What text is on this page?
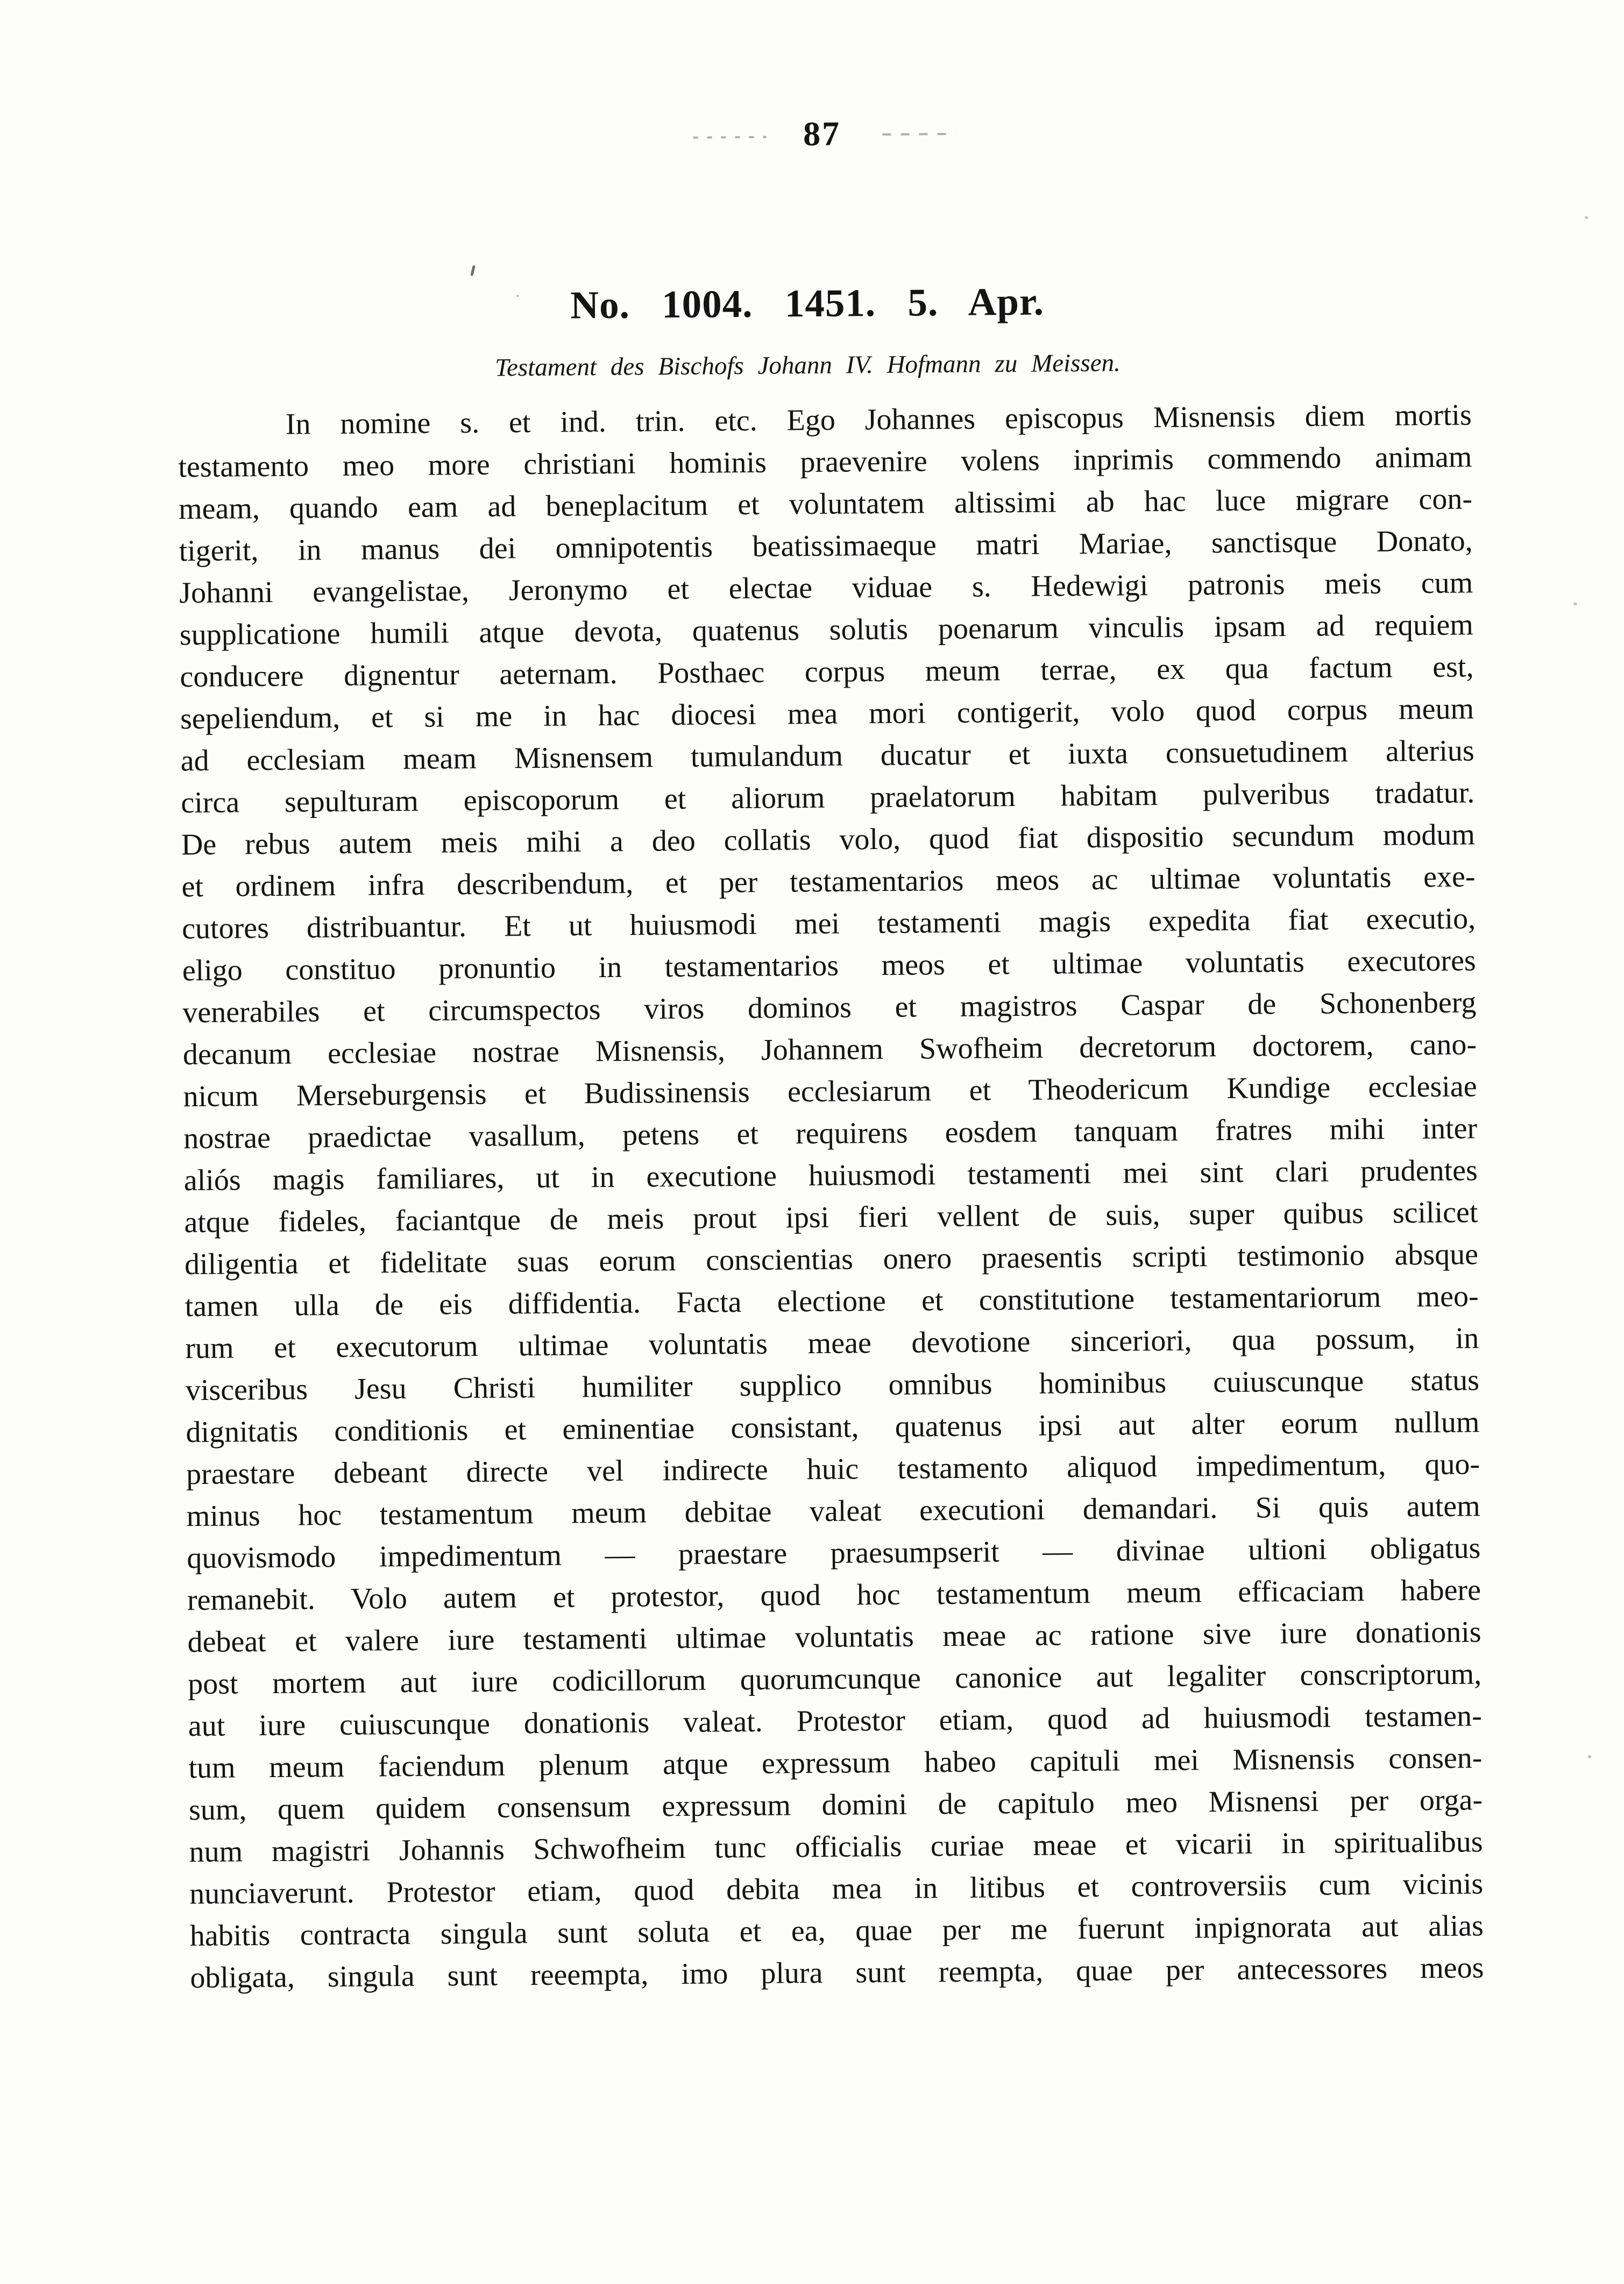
87
No. 1004. 1451. 5. Apr.
Testament des Bischofs Johann IV. Hofmann zu Meissen.
In nomine s. et ind. trin. etc. Ego Johannes episcopus Misnensis diem mortis
testamento meo more christiani hominis praevenire volens inprimis commendo animam
meam, quando eam ad beneplacitum et voluntatem altissimi ab hac luce migrare con-
tigerit, in manus dei omnipotentis beatissimaeque matri Mariae, sanctisque Donato,
Johanni evangelistae, Jeronymo et electae viduae s. Hedewigi patronis meis cum
supplicatione humili atque devota, quatenus solutis poenarum vinculis ipsam ad requiem
conducere dignentur aeternam. Posthaec corpus meum terrae, ex qua factum est,
sepeliendum, et si me in hac diocesi mea mori contigerit, volo quod corpus meum
ad ecclesiam meam Misnensem tumulandum ducatur et iuxta consuetudinem alterius
circa sepulturam episcoporum et aliorum praelatorum habitam pulveribus tradatur.
De rebus autem meis mihi a deo collatis volo, quod fiat dispositio secundum modum
et ordinem infra describendum, et per testamentarios meos ac ultimae voluntatis exe-
cutores distribuantur. Et ut huiusmodi mei testamenti magis expedita fiat executio,
eligo constituo pronuntio in testamentarios meos et ultimae voluntatis executores
venerabiles et circumspectos viros dominos et magistros Caspar de Schonenberg
decanum ecclesiae nostrae Misnensis, Johannem Swofheim decretorum doctorem, cano-
nicum Merseburgensis et Budissinensis ecclesiarum et Theodericum Kundige ecclesiae
nostrae praedictae vasallum, petens et requirens eosdem tanquam fratres mihi inter
aliós magis familiares, ut in executione huiusmodi testamenti mei sint clari prudentes
atque fideles, faciantque de meis prout ipsi fieri vellent de suis, super quibus scilicet
diligentia et fidelitate suas eorum conscientias onero praesentis scripti testimonio absque
tamen ulla de eis diffidentia. Facta electione et constitutione testamentariorum meo-
rum et executorum ultimae voluntatis meae devotione sinceriori, qua possum, in
visceribus Jesu Christi humiliter supplico omnibus hominibus cuiuscunque status
dignitatis conditionis et eminentiae consistant, quatenus ipsi aut alter eorum nullum
praestare debeant directe vel indirecte huic testamento aliquod impedimentum, quo-
minus hoc testamentum meum debitae valeat executioni demandari. Si quis autem
quovismodo impedimentum — praestare praesumpserit — divinae ultioni obligatus
remanebit. Volo autem et protestor, quod hoc testamentum meum efficaciam habere
debeat et valere iure testamenti ultimae voluntatis meae ac ratione sive iure donationis
post mortem aut iure codicillorum quorumcunque canonice aut legaliter conscriptorum,
aut iure cuiuscunque donationis valeat. Protestor etiam, quod ad huiusmodi testamen-
tum meum faciendum plenum atque expressum habeo capituli mei Misnensis consen-
sum, quem quidem consensum expressum domini de capitulo meo Misnensi per orga-
num magistri Johannis Schwofheim tunc officialis curiae meae et vicarii in spiritualibus
nunciaverunt. Protestor etiam, quod debita mea in litibus et controversiis cum vicinis
habitis contracta singula sunt soluta et ea, quae per me fuerunt inpignorata aut alias
obligata, singula sunt reeempta, imo plura sunt reempta, quae per antecessores meos
